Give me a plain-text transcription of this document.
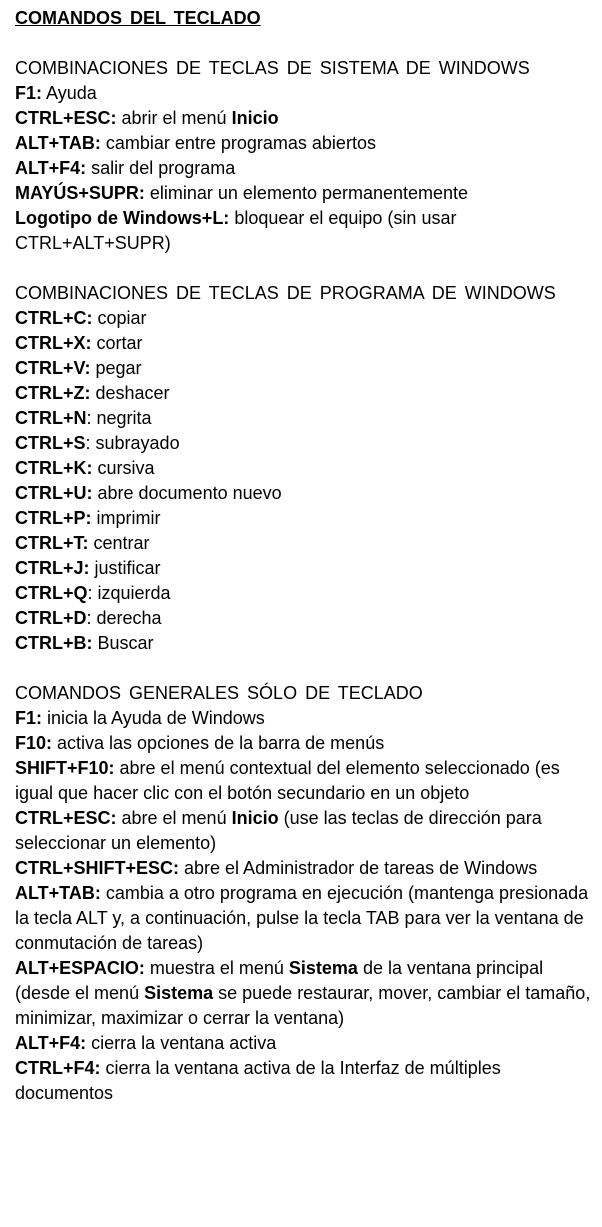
COMANDOS DEL TECLADO
COMBINACIONES DE TECLAS DE SISTEMA DE WINDOWS
F1: Ayuda
CTRL+ESC: abrir el menú Inicio
ALT+TAB: cambiar entre programas abiertos
ALT+F4: salir del programa
MAYÚS+SUPR: eliminar un elemento permanentemente
Logotipo de Windows+L: bloquear el equipo (sin usar CTRL+ALT+SUPR)
COMBINACIONES DE TECLAS DE PROGRAMA DE WINDOWS
CTRL+C: copiar
CTRL+X: cortar
CTRL+V: pegar
CTRL+Z: deshacer
CTRL+N: negrita
CTRL+S: subrayado
CTRL+K: cursiva
CTRL+U: abre documento nuevo
CTRL+P: imprimir
CTRL+T: centrar
CTRL+J: justificar
CTRL+Q: izquierda
CTRL+D: derecha
CTRL+B: Buscar
COMANDOS GENERALES SÓLO DE TECLADO
F1: inicia la Ayuda de Windows
F10: activa las opciones de la barra de menús
SHIFT+F10: abre el menú contextual del elemento seleccionado (es igual que hacer clic con el botón secundario en un objeto
CTRL+ESC: abre el menú Inicio (use las teclas de dirección para seleccionar un elemento)
CTRL+SHIFT+ESC: abre el Administrador de tareas de Windows
ALT+TAB: cambia a otro programa en ejecución (mantenga presionada la tecla ALT y, a continuación, pulse la tecla TAB para ver la ventana de conmutación de tareas)
ALT+ESPACIO: muestra el menú Sistema de la ventana principal (desde el menú Sistema se puede restaurar, mover, cambiar el tamaño, minimizar, maximizar o cerrar la ventana)
ALT+F4: cierra la ventana activa
CTRL+F4: cierra la ventana activa de la Interfaz de múltiples documentos
